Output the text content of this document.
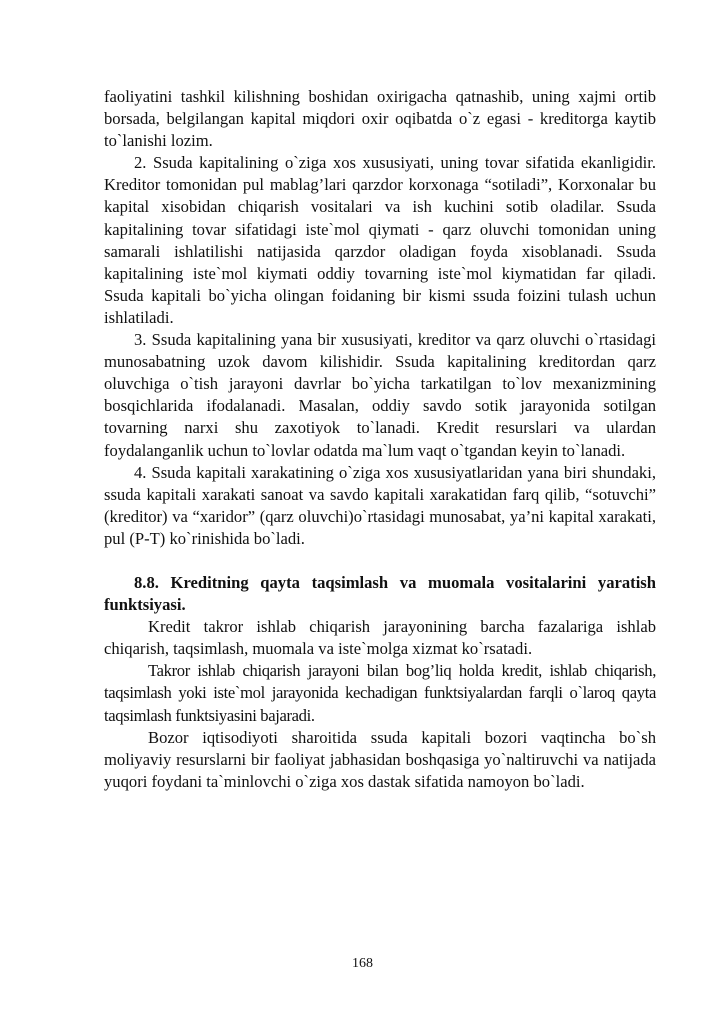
faoliyatini tashkil kilishning boshidan oxirigacha qatnashib, uning xajmi ortib borsada, belgilangan kapital miqdori oxir oqibatda o`z egasi - kreditorga kaytib to`lanishi lozim.

2. Ssuda kapitalining o`ziga xos xususiyati, uning tovar sifatida ekanligidir. Kreditor tomonidan pul mablag’lari qarzdor korxonaga “sotiladi”, Korxonalar bu kapital xisobidan chiqarish vositalari va ish kuchini sotib oladilar. Ssuda kapitalining tovar sifatidagi iste`mol qiymati - qarz oluvchi tomonidan uning samarali ishlatilishi natijasida qarzdor oladigan foyda xisoblanadi. Ssuda kapitalining iste`mol kiymati oddiy tovarning iste`mol kiymatidan far qiladi. Ssuda kapitali bo`yicha olingan foidaning bir kismi ssuda foizini tulash uchun ishlatiladi.

3. Ssuda kapitalining yana bir xususiyati, kreditor va qarz oluvchi o`rtasidagi munosabatning uzok davom kilishidir. Ssuda kapitalining kreditordan qarz oluvchiga o`tish jarayoni davrlar bo`yicha tarkatilgan to`lov mexanizmining bosqichlarida ifodalanadi. Masalan, oddiy savdo sotik jarayonida sotilgan tovarning narxi shu zaxotiyok to`lanadi. Kredit resurslari va ulardan foydalanganlik uchun to`lovlar odatda ma`lum vaqt o`tgandan keyin to`lanadi.

4. Ssuda kapitali xarakatining o`ziga xos xususiyatlaridan yana biri shundaki, ssuda kapitali xarakati sanoat va savdo kapitali xarakatidan farq qilib, “sotuvchi” (kreditor) va “xaridor” (qarz oluvchi)o`rtasidagi munosabat, ya’ni kapital xarakati, pul (P-T) ko`rinishida bo`ladi.

8.8. Kreditning qayta taqsimlash va muomala vositalarini yaratish funktsiyasi.

Kredit takror ishlab chiqarish jarayonining barcha fazalariga ishlab chiqarish, taqsimlash, muomala va iste`molga xizmat ko`rsatadi.

Takror ishlab chiqarish jarayoni bilan bog’liq holda kredit, ishlab chiqarish, taqsimlash yoki iste`mol jarayonida kechadigan funktsiyalardan farqli o`laroq qayta taqsimlash funktsiyasini bajaradi.

Bozor iqtisodiyoti sharoitida ssuda kapitali bozori vaqtincha bo`sh moliyaviy resurslarni bir faoliyat jabhasidan boshqasiga yo`naltiruvchi va natijada yuqori foydani ta`minlovchi o`ziga xos dastak sifatida namoyon bo`ladi.

168
